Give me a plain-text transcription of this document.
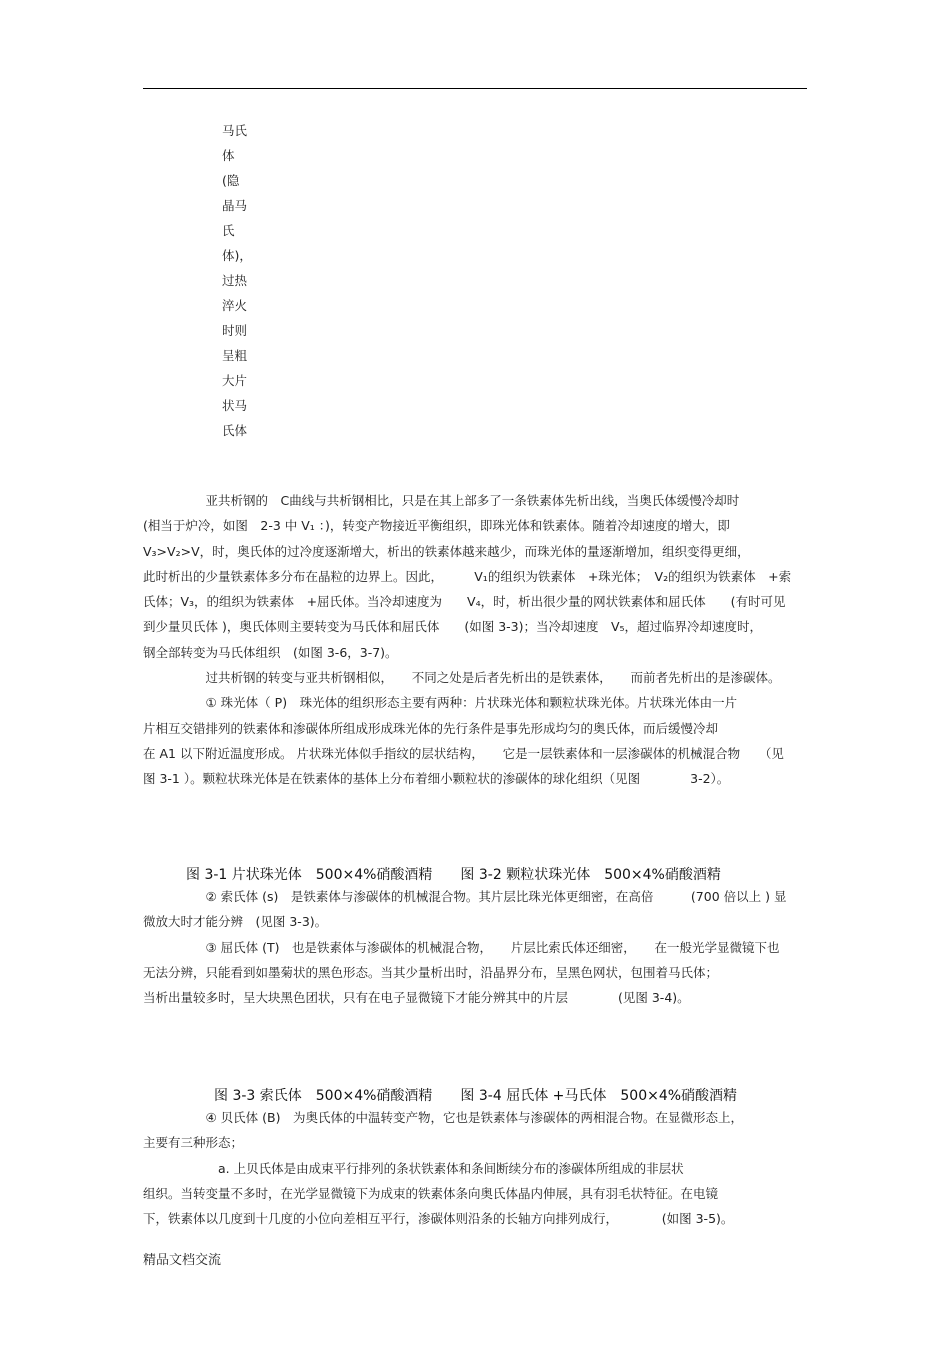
马氏
体
(隐
晶马
氏
体)，
过热
淬火
时则
呈粗
大片
状马
氏体
　　　　　亚共析钢的　C曲线与共析钢相比，只是在其上部多了一条铁素体先析出线，当奥氏体缓慢冷却时
(相当于炉冷，如图　2-3 中 V₁ ：)，转变产物接近平衡组织，即珠光体和铁素体。随着冷却速度的增大，即
V₃>V₂>V，时，奥氏体的过冷度逐渐增大，析出的铁素体越来越少，而珠光体的量逐渐增加，组织变得更细，
此时析出的少量铁素体多分布在晶粒的边界上。因此，　　　V₁的组织为铁素体　+珠光体；　V₂的组织为铁素体　+索
氏体；V₃，的组织为铁素体　+屈氏体。当冷却速度为　　V₄，时，析出很少量的网状铁素体和屈氏体　　(有时可见
到少量贝氏体 )，奥氏体则主要转变为马氏体和屈氏体　　(如图 3-3)；当冷却速度　V₅，超过临界冷却速度时，
钢全部转变为马氏体组织　(如图 3-6，3-7)。
　　　　　过共析钢的转变与亚共析钢相似，　　不同之处是后者先析出的是铁素体，　　而前者先析出的是渗碳体。
　　　　　① 珠光体（ P)　珠光体的组织形态主要有两种：片状珠光体和颗粒状珠光体。片状珠光体由一片
片相互交错排列的铁素体和渗碳体所组成形成珠光体的先行条件是事先形成均匀的奥氏体，而后缓慢冷却
在 A1 以下附近温度形成。 片状珠光体似手指纹的层状结构，　　它是一层铁素体和一层渗碳体的机械混合物　　（见
图 3-1 ）。颗粒状珠光体是在铁素体的基体上分布着细小颗粒状的渗碳体的球化组织（见图　　　　3-2）。
图 3-1 片状珠光体　500×4%硝酸酒精　　图 3-2 颗粒状珠光体　500×4%硝酸酒精
　　　　　② 索氏体 (s)　是铁素体与渗碳体的机械混合物。其片层比珠光体更细密，在高倍　　　(700 倍以上 ) 显
微放大时才能分辨　(见图 3-3)。
　　　　　③ 屈氏体 (T)　也是铁素体与渗碳体的机械混合物，　　片层比索氏体还细密，　　在一般光学显微镜下也
无法分辨，只能看到如墨菊状的黑色形态。当其少量析出时，沿晶界分布，呈黑色网状，包围着马氏体；
当析出量较多时，呈大块黑色团状，只有在电子显微镜下才能分辨其中的片层　　　　(见图 3-4)。
图 3-3 索氏体　500×4%硝酸酒精　　图 3-4 屈氏体 +马氏体　500×4%硝酸酒精
　　　　　④ 贝氏体 (B)　为奥氏体的中温转变产物，它也是铁素体与渗碳体的两相混合物。在显微形态上，
主要有三种形态；
　　　　　　a. 上贝氏体是由成束平行排列的条状铁素体和条间断续分布的渗碳体所组成的非层状
组织。当转变量不多时，在光学显微镜下为成束的铁素体条向奥氏体晶内伸展，具有羽毛状特征。在电镜
下，铁素体以几度到十几度的小位向差相互平行，渗碳体则沿条的长轴方向排列成行，　　　　(如图 3-5)。
精品文档交流
